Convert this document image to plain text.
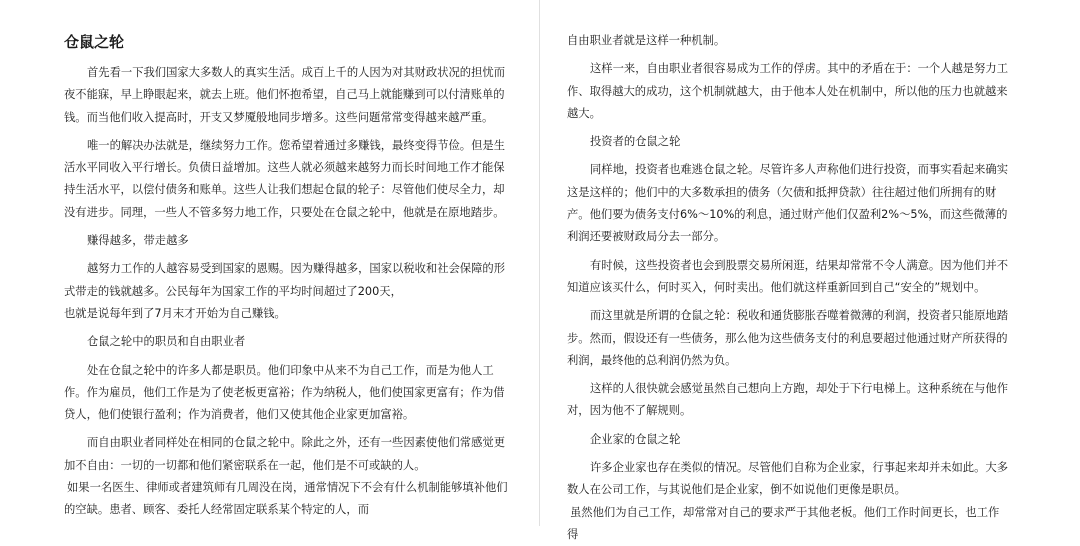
仓鼠之轮

首先看一下我们国家大多数人的真实生活。成百上千的人因为对其财政状况的担忧而夜不能寐，早上睁眼起来，就去上班。他们怀抱希望，自己马上就能赚到可以付清账单的钱。而当他们收入提高时，开支又梦魇般地同步增多。这些问题常常变得越来越严重。

唯一的解决办法就是，继续努力工作。您希望着通过多赚钱，最终变得节俭。但是生活水平同收入平行增长。负债日益增加。这些人就必须越来越努力而长时间地工作才能保持生活水平，以偿付债务和账单。这些人让我们想起仓鼠的轮子：尽管他们使尽全力，却没有进步。同理，一些人不管多努力地工作，只要处在仓鼠之轮中，他就是在原地踏步。

赚得越多，带走越多

越努力工作的人越容易受到国家的恩赐。因为赚得越多，国家以税收和社会保障的形式带走的钱就越多。公民每年为国家工作的平均时间超过了200天，

也就是说每年到了7月末才开始为自己赚钱。

仓鼠之轮中的职员和自由职业者

处在仓鼠之轮中的许多人都是职员。他们印象中从来不为自己工作，而是为他人工作。作为雇员，他们工作是为了使老板更富裕；作为纳税人，他们使国家更富有；作为借贷人，他们使银行盈利；作为消费者，他们又使其他企业家更加富裕。

而自由职业者同样处在相同的仓鼠之轮中。除此之外，还有一些因素使他们常感觉更加不自由：一切的一切都和他们紧密联系在一起，他们是不可或缺的人。

如果一名医生、律师或者建筑师有几周没在岗，通常情况下不会有什么机制能够填补他们的空缺。患者、顾客、委托人经常固定联系某个特定的人，而

自由职业者就是这样一种机制。

这样一来，自由职业者很容易成为工作的俘虏。其中的矛盾在于：一个人越是努力工作、取得越大的成功，这个机制就越大，由于他本人处在机制中，所以他的压力也就越来越大。

投资者的仓鼠之轮

同样地，投资者也难逃仓鼠之轮。尽管许多人声称他们进行投资，而事实看起来确实这是这样的；他们中的大多数承担的债务（欠债和抵押贷款）往往超过他们所拥有的财产。他们要为债务支付6%～10%的利息，通过财产他们仅盈利2%～5%，而这些微薄的利润还要被财政局分去一部分。

有时候，这些投资者也会到股票交易所闲逛，结果却常常不令人满意。因为他们并不知道应该买什么，何时买入，何时卖出。他们就这样重新回到自己“安全的”规划中。

而这里就是所谓的仓鼠之轮：税收和通货膨胀吞噬着微薄的利润，投资者只能原地踏步。然而，假设还有一些债务，那么他为这些债务支付的利息要超过他通过财产所获得的利润，最终他的总利润仍然为负。

这样的人很快就会感觉虽然自己想向上方跑，却处于下行电梯上。这种系统在与他作对，因为他不了解规则。

企业家的仓鼠之轮

许多企业家也存在类似的情况。尽管他们自称为企业家，行事起来却并未如此。大多数人在公司工作，与其说他们是企业家，倒不如说他们更像是职员。

虽然他们为自己工作，却常常对自己的要求严于其他老板。他们工作时间更长，也工作得
